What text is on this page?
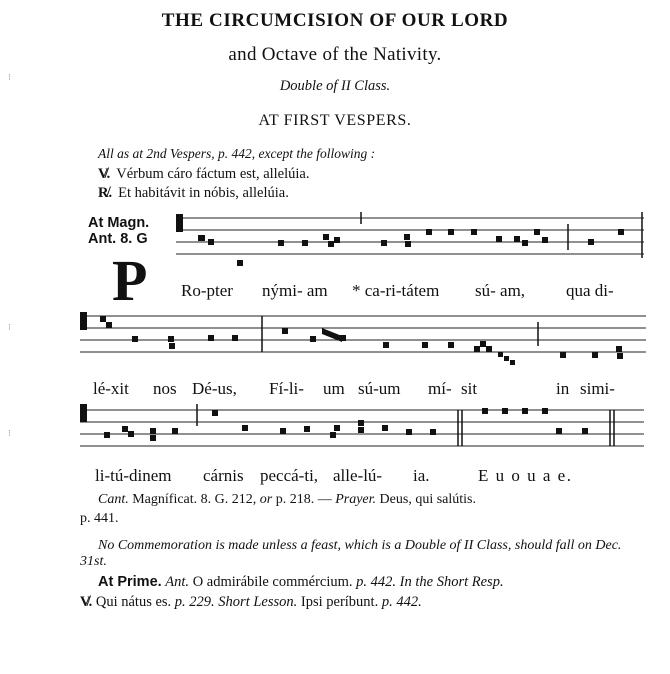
THE CIRCUMCISION OF OUR LORD
and Octave of the Nativity.
Double of II Class.
AT FIRST VESPERS.
⁝
⁝
⁝
All as at 2nd Vespers, p. 442, except the following :
V̸. Vérbum cáro fáctum est, allelúia.
R̸. Et habitávit in nóbis, allelúia.
At Magn.
Ant. 8. G
P Ro-pter nými- am * ca-ri-tátem sú- am, qua di-
lé-xit nos Dé-us, Fí-li- um sú-um mí- sit	in simi-
li-tú-dinem cárnis peccá-ti, alle-lú- ia.	E u o u a e.
Cant. Magníficat. 8. G. 212, or p. 218. — Prayer. Deus, qui salútis.
p. 441.
No Commemoration is made unless a feast, which is a Double of II Class, should fall on Dec. 31st.
At Prime. Ant. O admirábile commércium. p. 442. In the Short Resp.
V̸. Qui nátus es. p. 229. Short Lesson. Ipsi períbunt. p. 442.
